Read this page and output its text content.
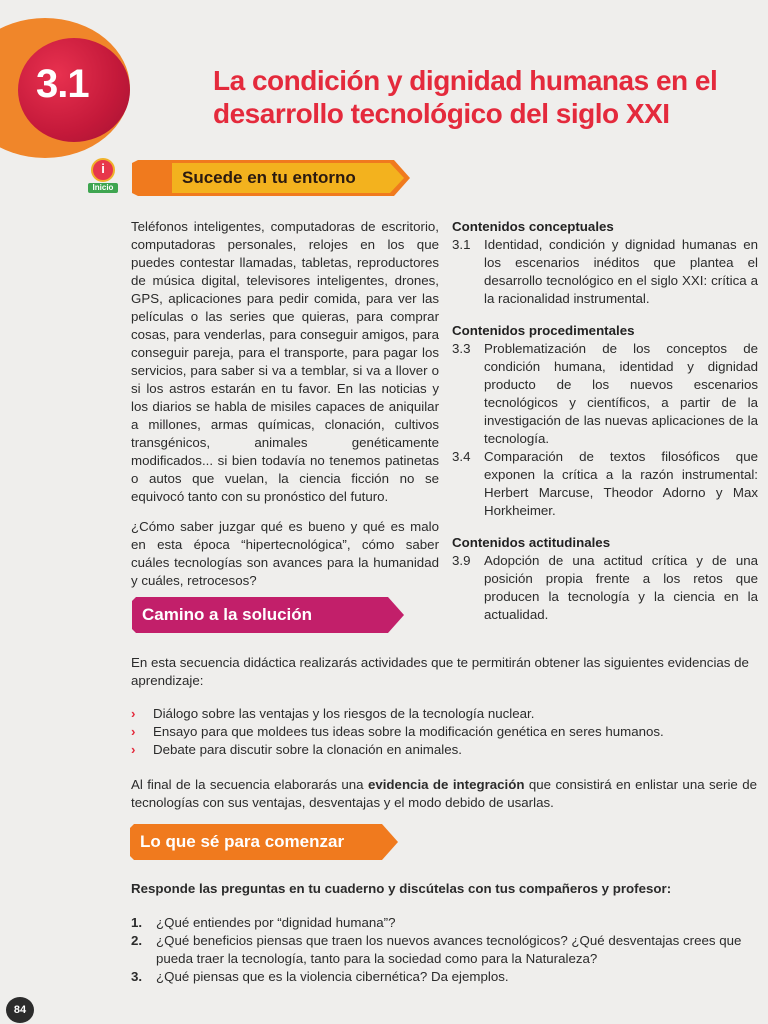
3.1	La condición y dignidad humanas en el desarrollo tecnológico del siglo XXI
i
Inicio
Sucede en tu entorno

Teléfonos inteligentes, computadoras de escritorio, computadoras personales, relojes en los que puedes contestar llamadas, tabletas, reproductores de música digital, televisores inteligentes, drones, GPS, aplicaciones para pedir comida, para ver las películas o las series que quieras, para comprar cosas, para venderlas, para conseguir amigos, para conseguir pareja, para el transporte, para pagar los servicios, para saber si va a temblar, si va a llover o si los astros estarán en tu favor. En las noticias y los diarios se habla de misiles capaces de aniquilar a millones, armas químicas, clonación, cultivos transgénicos, animales genéticamente modificados... si bien todavía no tenemos patinetas o autos que vuelan, la ciencia ficción no se equivocó tanto con su pronóstico del futuro.

¿Cómo saber juzgar qué es bueno y qué es malo en esta época “hipertecnológica”, cómo saber cuáles tecnologías son avances para la humanidad y cuáles, retrocesos?

Contenidos conceptuales

3.1	Identidad, condición y dignidad humanas en los escenarios inéditos que plantea el desarrollo tecnológico en el siglo XXI: crítica a la racionalidad instrumental.

Contenidos procedimentales

3.3	Problematización de los conceptos de condición humana, identidad y dignidad producto de los nuevos escenarios tecnológicos y científicos, a partir de la investigación de las nuevas aplicaciones de la tecnología.
3.4	Comparación de textos filosóficos que exponen la crítica a la razón instrumental: Herbert Marcuse, Theodor Adorno y Max Horkheimer.

Contenidos actitudinales

3.9	Adopción de una actitud crítica y de una posición propia frente a los retos que producen la tecnología y la ciencia en la actualidad.
Camino a la solución
En esta secuencia didáctica realizarás actividades que te permitirán obtener las siguientes evidencias de aprendizaje:
›	Diálogo sobre las ventajas y los riesgos de la tecnología nuclear.
›	Ensayo para que moldees tus ideas sobre la modificación genética en seres humanos.
›	Debate para discutir sobre la clonación en animales.
Al final de la secuencia elaborarás una evidencia de integración que consistirá en enlistar una serie de tecnologías con sus ventajas, desventajas y el modo debido de usarlas.
Lo que sé para comenzar
Responde las preguntas en tu cuaderno y discútelas con tus compañeros y profesor:
1.	¿Qué entiendes por “dignidad humana”?
2.	¿Qué beneficios piensas que traen los nuevos avances tecnológicos? ¿Qué desventajas crees que pueda traer la tecnología, tanto para la sociedad como para la Naturaleza?
3.	¿Qué piensas que es la violencia cibernética? Da ejemplos.
84
